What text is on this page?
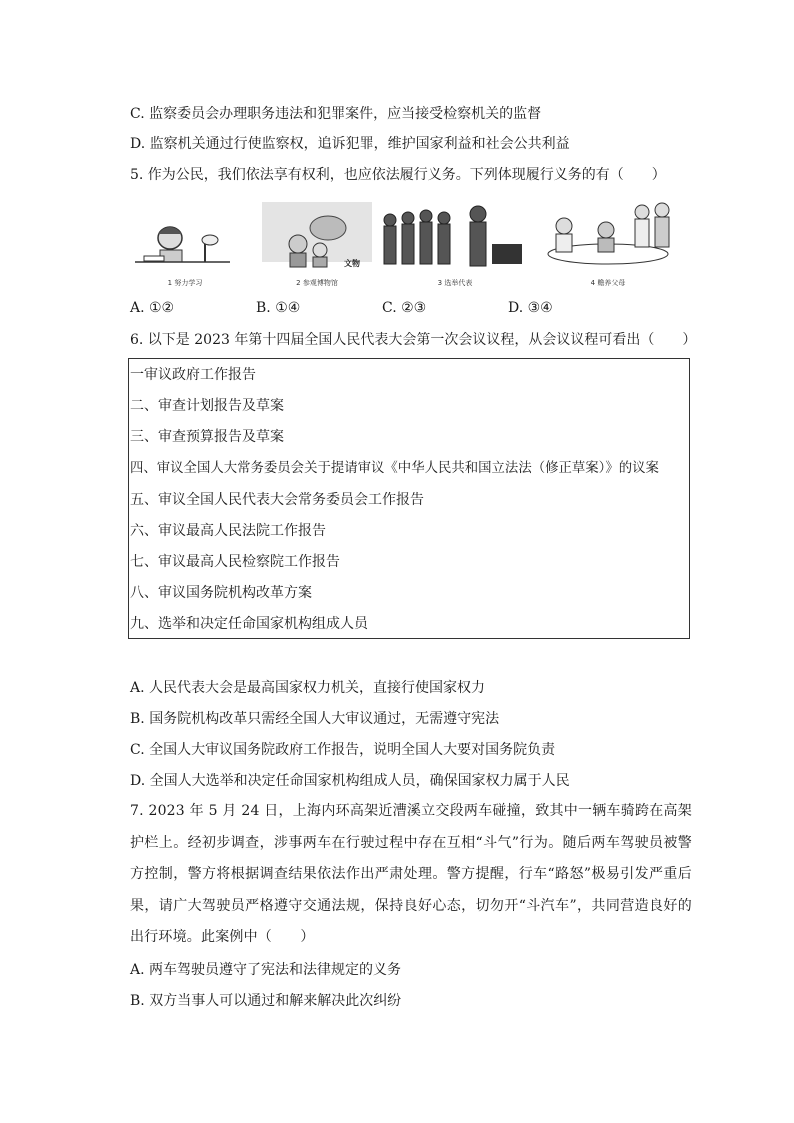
C. 监察委员会办理职务违法和犯罪案件，应当接受检察机关的监督
D. 监察机关通过行使监察权，追诉犯罪，维护国家利益和社会公共利益
5. 作为公民，我们依法享有权利，也应依法履行义务。下列体现履行义务的有（　　）
1 努力学习
文物
2 参观博物馆	3 选举代表	4 赡养父母
A. ①②	B. ①④	C. ②③	D. ③④
6. 以下是 2023 年第十四届全国人民代表大会第一次会议议程，从会议议程可看出（　　）
一审议政府工作报告
二、审查计划报告及草案
三、审查预算报告及草案
四、审议全国人大常务委员会关于提请审议《中华人民共和国立法法（修正草案）》的议案
五、审议全国人民代表大会常务委员会工作报告
六、审议最高人民法院工作报告
七、审议最高人民检察院工作报告
八、审议国务院机构改革方案
九、选举和决定任命国家机构组成人员
A. 人民代表大会是最高国家权力机关，直接行使国家权力
B. 国务院机构改革只需经全国人大审议通过，无需遵守宪法
C. 全国人大审议国务院政府工作报告，说明全国人大要对国务院负责
D. 全国人大选举和决定任命国家机构组成人员，确保国家权力属于人民
7. 2023 年 5 月 24 日，上海内环高架近漕溪立交段两车碰撞，致其中一辆车骑跨在高架护栏上。经初步调查，涉事两车在行驶过程中存在互相“斗气”行为。随后两车驾驶员被警方控制，警方将根据调查结果依法作出严肃处理。警方提醒，行车“路怒”极易引发严重后果，请广大驾驶员严格遵守交通法规，保持良好心态，切勿开“斗汽车”，共同营造良好的出行环境。此案例中（　　）
A. 两车驾驶员遵守了宪法和法律规定的义务
B. 双方当事人可以通过和解来解决此次纠纷
